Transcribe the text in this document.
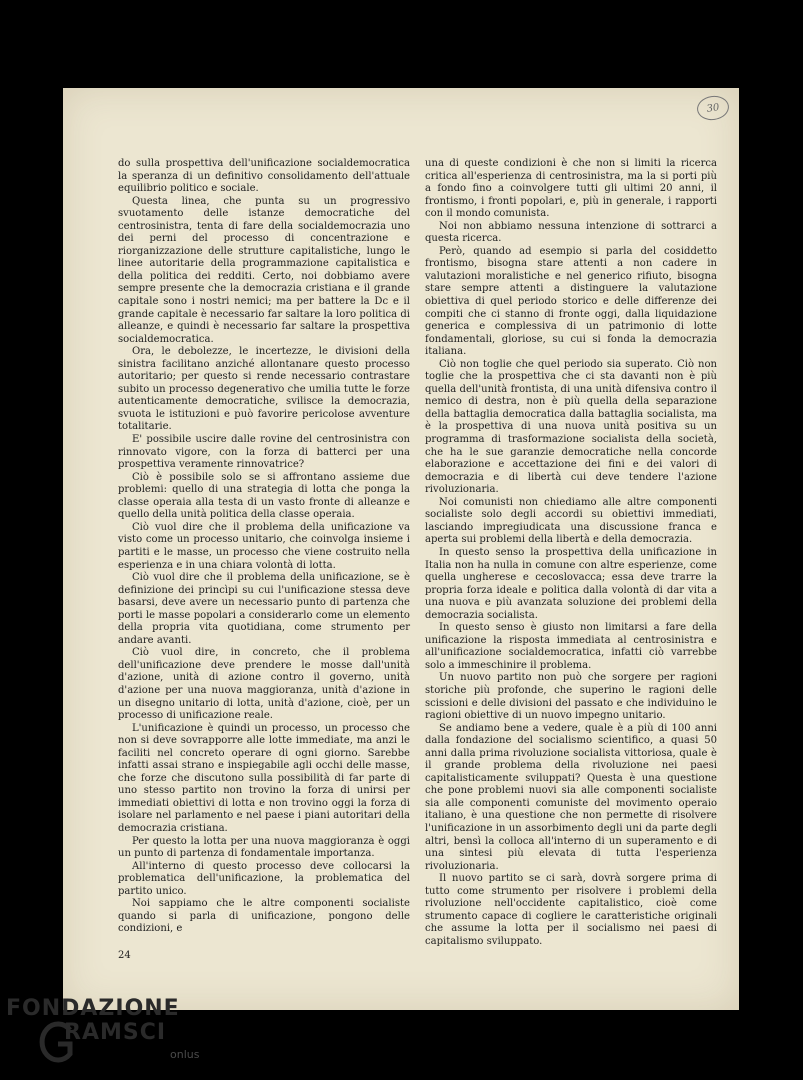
30

do sulla prospettiva dell'unificazione socialdemocratica la speranza di un definitivo consolidamento dell'attuale equilibrio politico e sociale.

Questa linea, che punta su un progressivo svuotamento delle istanze democratiche del centrosinistra, tenta di fare della socialdemocrazia uno dei perni del processo di concentrazione e riorganizzazione delle strutture capitalistiche, lungo le linee autoritarie della programmazione capitalistica e della politica dei redditi. Certo, noi dobbiamo avere sempre presente che la democrazia cristiana e il grande capitale sono i nostri nemici; ma per battere la Dc e il grande capitale è necessario far saltare la loro politica di alleanze, e quindi è necessario far saltare la prospettiva socialdemocratica.

Ora, le debolezze, le incertezze, le divisioni della sinistra facilitano anziché allontanare questo processo autoritario; per questo si rende necessario contrastare subito un processo degenerativo che umilia tutte le forze autenticamente democratiche, svilisce la democrazia, svuota le istituzioni e può favorire pericolose avventure totalitarie.

E' possibile uscire dalle rovine del centrosinistra con rinnovato vigore, con la forza di batterci per una prospettiva veramente rinnovatrice?

Ciò è possibile solo se si affrontano assieme due problemi: quello di una strategia di lotta che ponga la classe operaia alla testa di un vasto fronte di alleanze e quello della unità politica della classe operaia.

Ciò vuol dire che il problema della unificazione va visto come un processo unitario, che coinvolga insieme i partiti e le masse, un processo che viene costruito nella esperienza e in una chiara volontà di lotta.

Ciò vuol dire che il problema della unificazione, se è definizione dei princìpi su cui l'unificazione stessa deve basarsi, deve avere un necessario punto di partenza che porti le masse popolari a considerarlo come un elemento della propria vita quotidiana, come strumento per andare avanti.

Ciò vuol dire, in concreto, che il problema dell'unificazione deve prendere le mosse dall'unità d'azione, unità di azione contro il governo, unità d'azione per una nuova maggioranza, unità d'azione in un disegno unitario di lotta, unità d'azione, cioè, per un processo di unificazione reale.

L'unificazione è quindi un processo, un processo che non si deve sovrapporre alle lotte immediate, ma anzi le faciliti nel concreto operare di ogni giorno. Sarebbe infatti assai strano e inspiegabile agli occhi delle masse, che forze che discutono sulla possibilità di far parte di uno stesso partito non trovino la forza di unirsi per immediati obiettivi di lotta e non trovino oggi la forza di isolare nel parlamento e nel paese i piani autoritari della democrazia cristiana.

Per questo la lotta per una nuova maggioranza è oggi un punto di partenza di fondamentale importanza.

All'interno di questo processo deve collocarsi la problematica dell'unificazione, la problematica del partito unico.

Noi sappiamo che le altre componenti socialiste quando si parla di unificazione, pongono delle condizioni, e

una di queste condizioni è che non si limiti la ricerca critica all'esperienza di centrosinistra, ma la si porti più a fondo fino a coinvolgere tutti gli ultimi 20 anni, il frontismo, i fronti popolari, e, più in generale, i rapporti con il mondo comunista.

Noi non abbiamo nessuna intenzione di sottrarci a questa ricerca.

Però, quando ad esempio si parla del cosiddetto frontismo, bisogna stare attenti a non cadere in valutazioni moralistiche e nel generico rifiuto, bisogna stare sempre attenti a distinguere la valutazione obiettiva di quel periodo storico e delle differenze dei compiti che ci stanno di fronte oggi, dalla liquidazione generica e complessiva di un patrimonio di lotte fondamentali, gloriose, su cui si fonda la democrazia italiana.

Ciò non toglie che quel periodo sia superato. Ciò non toglie che la prospettiva che ci sta davanti non è più quella dell'unità frontista, di una unità difensiva contro il nemico di destra, non è più quella della separazione della battaglia democratica dalla battaglia socialista, ma è la prospettiva di una nuova unità positiva su un programma di trasformazione socialista della società, che ha le sue garanzie democratiche nella concorde elaborazione e accettazione dei fini e dei valori di democrazia e di libertà cui deve tendere l'azione rivoluzionaria.

Noi comunisti non chiediamo alle altre componenti socialiste solo degli accordi su obiettivi immediati, lasciando impregiudicata una discussione franca e aperta sui problemi della libertà e della democrazia.

In questo senso la prospettiva della unificazione in Italia non ha nulla in comune con altre esperienze, come quella ungherese e cecoslovacca; essa deve trarre la propria forza ideale e politica dalla volontà di dar vita a una nuova e più avanzata soluzione dei problemi della democrazia socialista.

In questo senso è giusto non limitarsi a fare della unificazione la risposta immediata al centrosinistra e all'unificazione socialdemocratica, infatti ciò varrebbe solo a immeschinire il problema.

Un nuovo partito non può che sorgere per ragioni storiche più profonde, che superino le ragioni delle scissioni e delle divisioni del passato e che individuino le ragioni obiettive di un nuovo impegno unitario.

Se andiamo bene a vedere, quale è a più di 100 anni dalla fondazione del socialismo scientifico, a quasi 50 anni dalla prima rivoluzione socialista vittoriosa, quale è il grande problema della rivoluzione nei paesi capitalisticamente sviluppati? Questa è una questione che pone problemi nuovi sia alle componenti socialiste sia alle componenti comuniste del movimento operaio italiano, è una questione che non permette di risolvere l'unificazione in un assorbimento degli uni da parte degli altri, bensì la colloca all'interno di un superamento e di una sintesi più elevata di tutta l'esperienza rivoluzionaria.

Il nuovo partito se ci sarà, dovrà sorgere prima di tutto come strumento per risolvere i problemi della rivoluzione nell'occidente capitalistico, cioè come strumento capace di cogliere le caratteristiche originali che assume la lotta per il socialismo nei paesi di capitalismo sviluppato.

24
FONDAZIONE
RAMSCI
onlus
